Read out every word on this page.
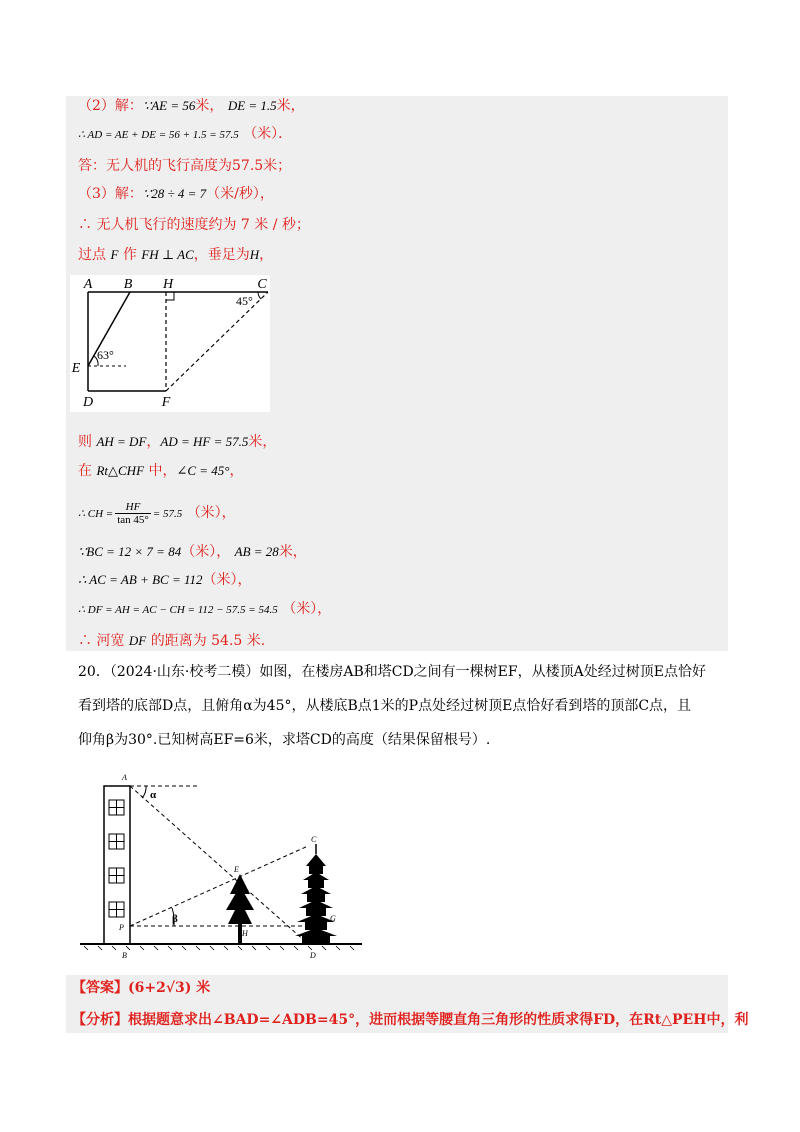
（2）解：∵AE = 56米， DE = 1.5米，
∴ AD = AE + DE = 56 + 1.5 = 57.5 （米）．
答：无人机的飞行高度为57.5米；
（3）解：∵28 ÷ 4 = 7（米/秒），
∴ 无人机飞行的速度约为 7 米 / 秒；
过点 F 作 FH ⊥ AC，垂足为H，
A B H	C
E
D	F
45°
63°
则 AH = DF，AD = HF = 57.5米，
在 Rt△CHF 中，∠C = 45°，
∴ CH = $\frac{HF}{\tan 45^\circ} = 57.5$ （米），
∵BC = 12 × 7 = 84（米）， AB = 28米，
∴ AC = AB + BC = 112（米），
∴ DF = AH = AC − CH = 112 − 57.5 = 54.5 （米），
∴ 河宽 DF 的距离为 54.5 米.
20．（2024·山东·校考二模）如图，在楼房AB和塔CD之间有一棵树EF，从楼顶A处经过树顶E点恰好
看到塔的底部D点，且俯角α为45°，从楼底B点1米的P点处经过树顶E点恰好看到塔的顶部C点，且
仰角β为30°.已知树高EF=6米，求塔CD的高度（结果保留根号）.
A
α
E
C
β	G
H
P
D
B
【答案】(6+2√3) 米
【分析】根据题意求出∠BAD=∠ADB=45°，进而根据等腰直角三角形的性质求得FD，在Rt△PEH中，利
